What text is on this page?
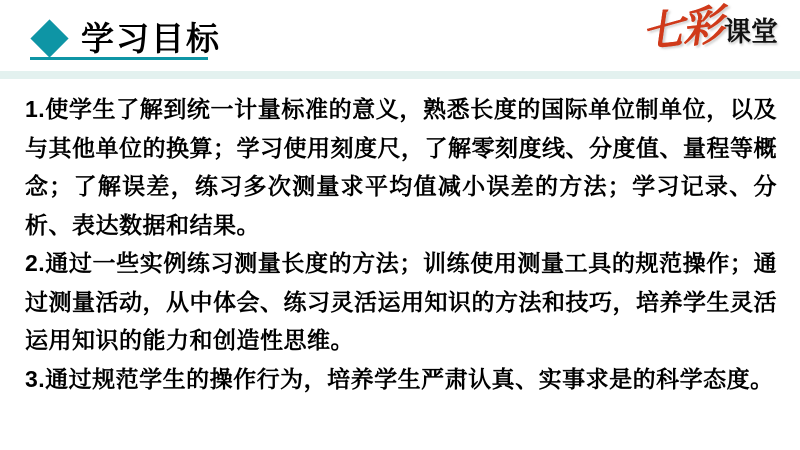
学习目标	七彩 课堂

1.使学生了解到统一计量标准的意义，熟悉长度的国际单位制单位，以及与其他单位的换算；学习使用刻度尺，了解零刻度线、分度值、量程等概念；了解误差，练习多次测量求平均值减小误差的方法；学习记录、分析、表达数据和结果。

2.通过一些实例练习测量长度的方法；训练使用测量工具的规范操作；通过测量活动，从中体会、练习灵活运用知识的方法和技巧，培养学生灵活运用知识的能力和创造性思维。

3.通过规范学生的操作行为，培养学生严肃认真、实事求是的科学态度。
